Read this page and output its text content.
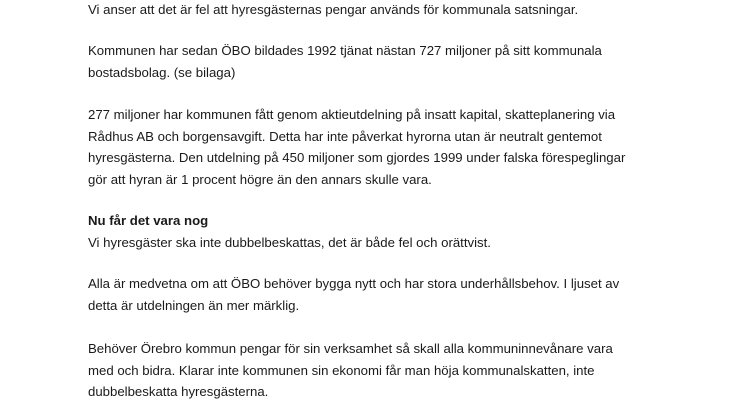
Vi anser att det är fel att hyresgästernas pengar används för kommunala satsningar.

Kommunen har sedan ÖBO bildades 1992 tjänat nästan 727 miljoner på sitt kommunala
bostadsbolag. (se bilaga)

277 miljoner har kommunen fått genom aktieutdelning på insatt kapital, skatteplanering via
Rådhus AB och borgensavgift. Detta har inte påverkat hyrorna utan är neutralt gentemot
hyresgästerna. Den utdelning på 450 miljoner som gjordes 1999 under falska förespeglingar
gör att hyran är 1 procent högre än den annars skulle vara.

Nu får det vara nog
Vi hyresgäster ska inte dubbelbeskattas, det är både fel och orättvist.

Alla är medvetna om att ÖBO behöver bygga nytt och har stora underhållsbehov. I ljuset av
detta är utdelningen än mer märklig.

Behöver Örebro kommun pengar för sin verksamhet så skall alla kommuninnevånare vara
med och bidra. Klarar inte kommunen sin ekonomi får man höja kommunalskatten, inte
dubbelbeskatta hyresgästerna.
